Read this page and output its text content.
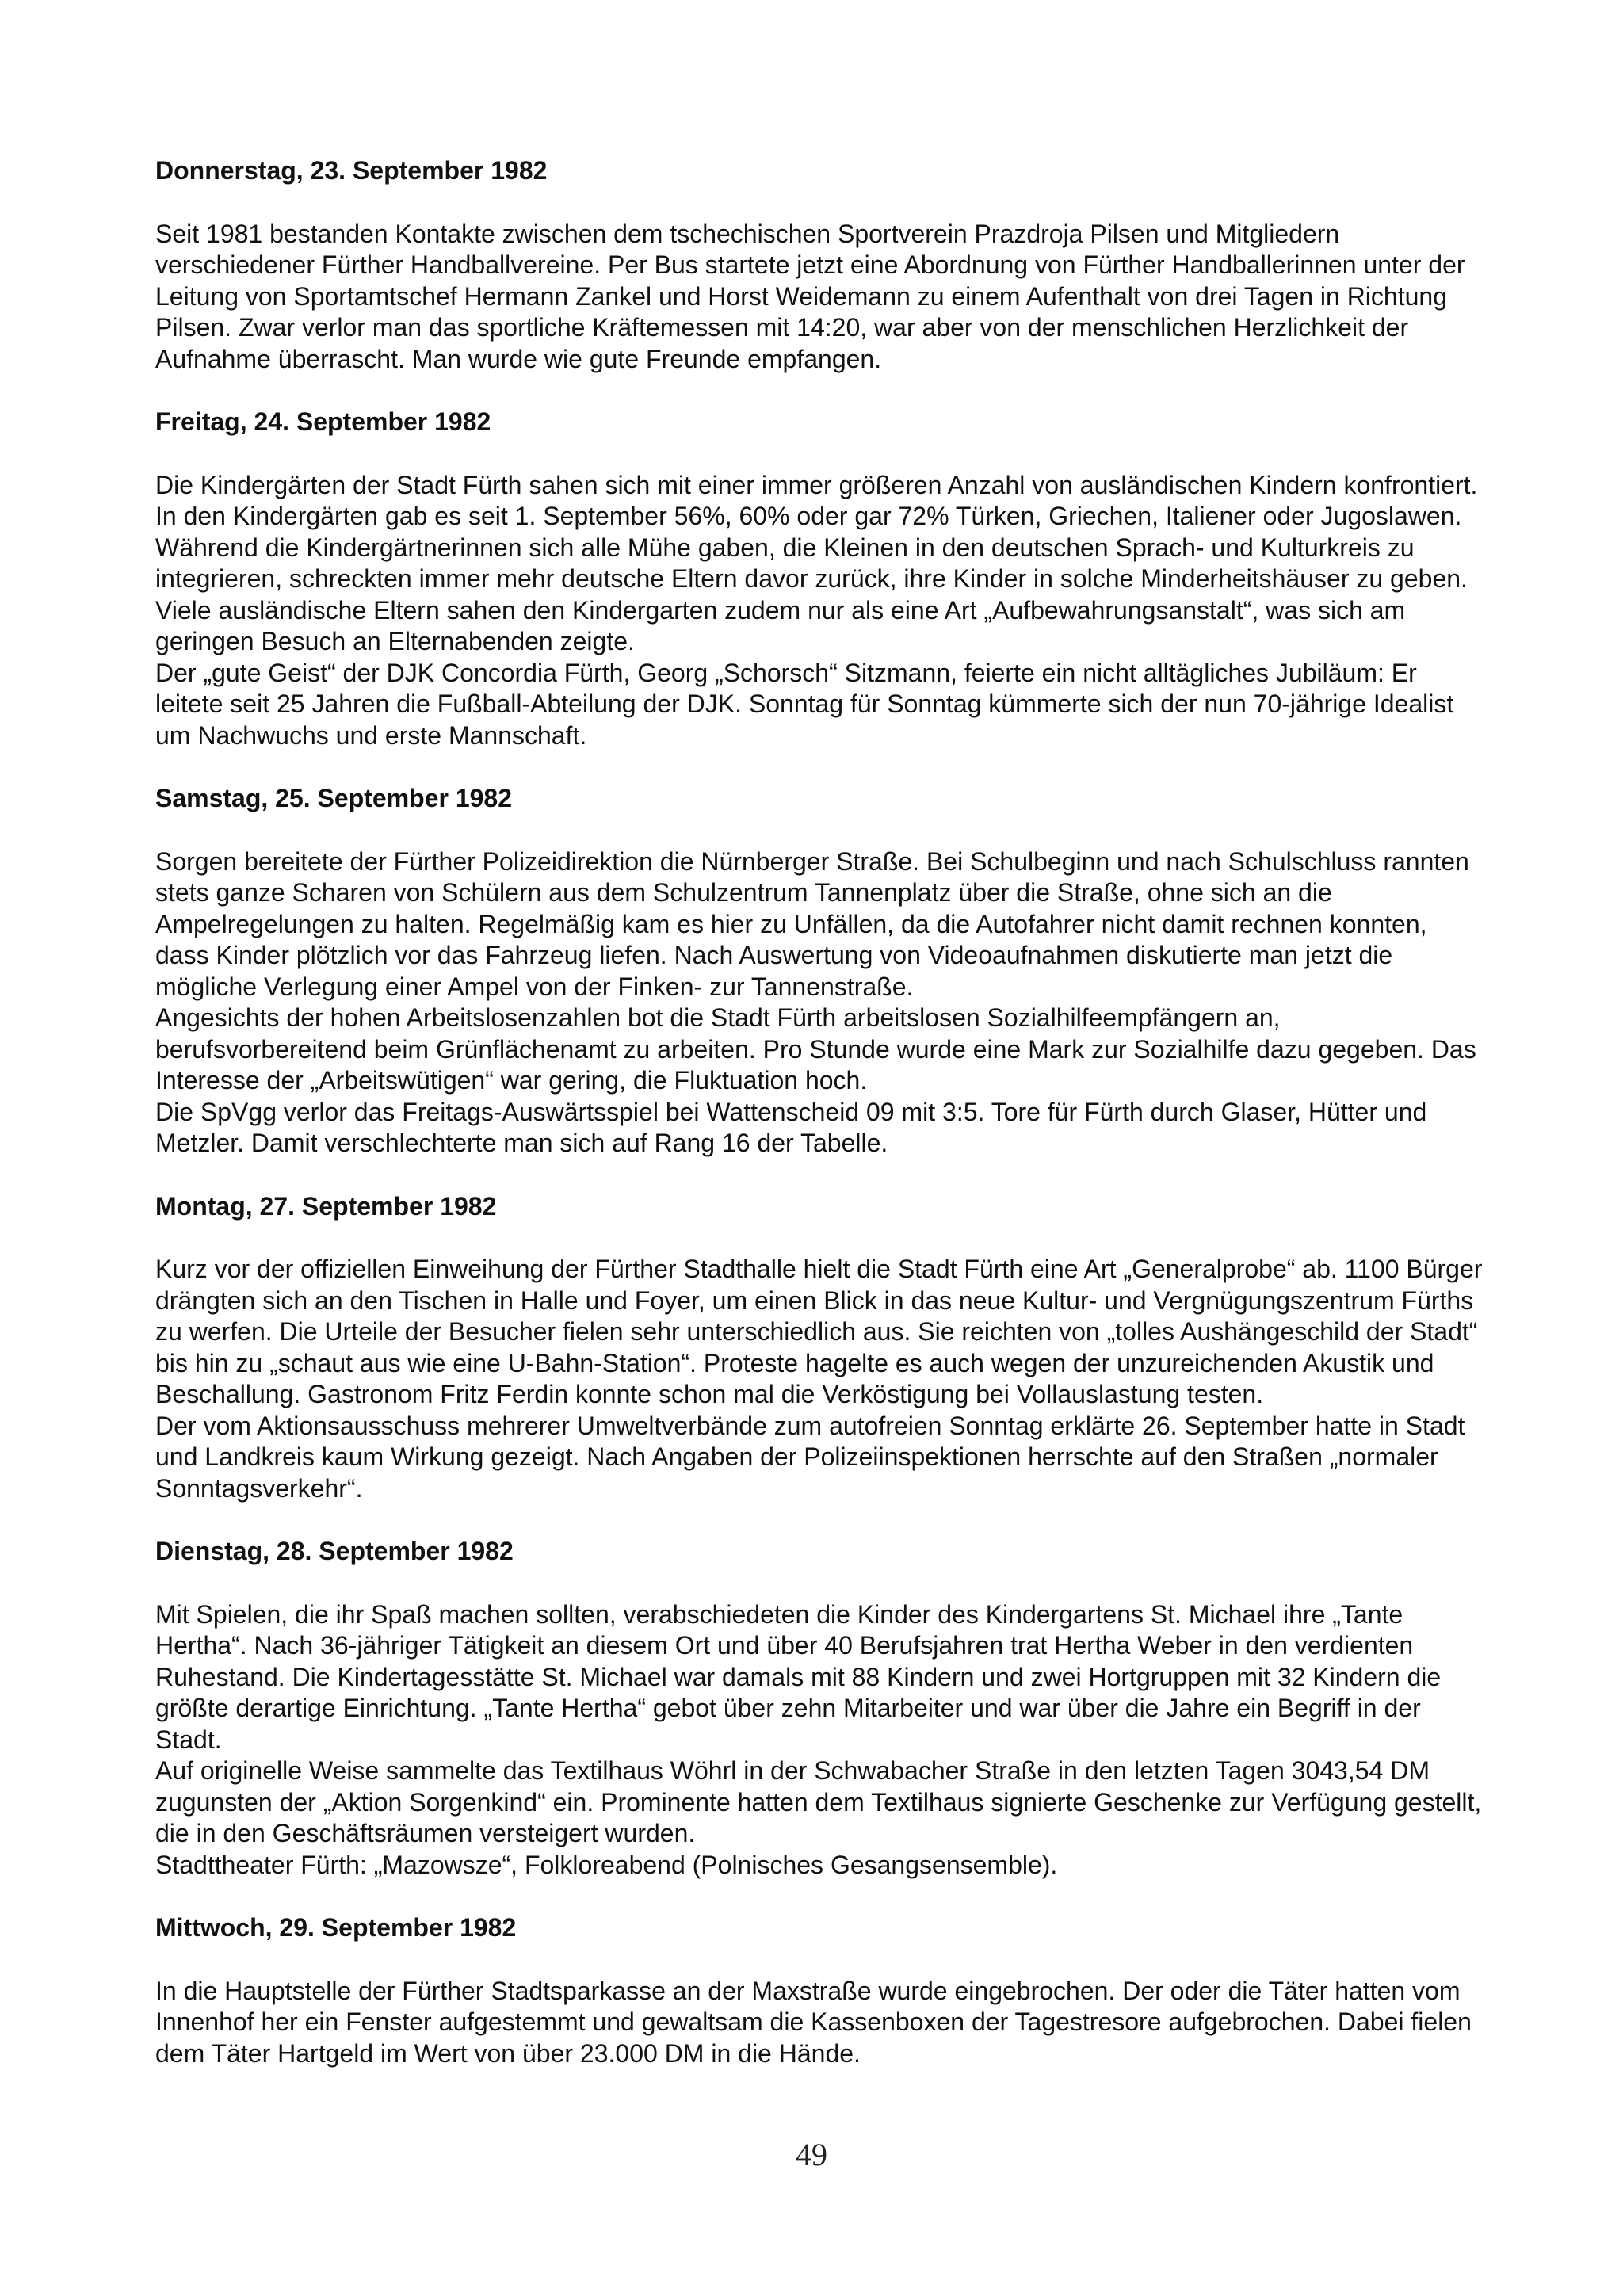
Donnerstag, 23. September 1982

Seit 1981 bestanden Kontakte zwischen dem tschechischen Sportverein Prazdroja Pilsen und Mitgliedern verschiedener Fürther Handballvereine. Per Bus startete jetzt eine Abordnung von Fürther Handballerinnen unter der Leitung von Sportamtschef Hermann Zankel und Horst Weidemann zu einem Aufenthalt von drei Tagen in Richtung Pilsen. Zwar verlor man das sportliche Kräftemessen mit 14:20, war aber von der menschlichen Herzlichkeit der Aufnahme überrascht. Man wurde wie gute Freunde empfangen.

Freitag, 24. September 1982

Die Kindergärten der Stadt Fürth sahen sich mit einer immer größeren Anzahl von ausländischen Kindern konfrontiert. In den Kindergärten gab es seit 1. September 56%, 60% oder gar 72% Türken, Griechen, Italiener oder Jugoslawen. Während die Kindergärtnerinnen sich alle Mühe gaben, die Kleinen in den deutschen Sprach- und Kulturkreis zu integrieren, schreckten immer mehr deutsche Eltern davor zurück, ihre Kinder in solche Minderheitshäuser zu geben. Viele ausländische Eltern sahen den Kindergarten zudem nur als eine Art „Aufbewahrungsanstalt“, was sich am geringen Besuch an Elternabenden zeigte.

Der „gute Geist“ der DJK Concordia Fürth, Georg „Schorsch“ Sitzmann, feierte ein nicht alltägliches Jubiläum: Er leitete seit 25 Jahren die Fußball-Abteilung der DJK. Sonntag für Sonntag kümmerte sich der nun 70-jährige Idealist um Nachwuchs und erste Mannschaft.

Samstag, 25. September 1982

Sorgen bereitete der Fürther Polizeidirektion die Nürnberger Straße. Bei Schulbeginn und nach Schulschluss rannten stets ganze Scharen von Schülern aus dem Schulzentrum Tannenplatz über die Straße, ohne sich an die Ampelregelungen zu halten. Regelmäßig kam es hier zu Unfällen, da die Autofahrer nicht damit rechnen konnten, dass Kinder plötzlich vor das Fahrzeug liefen. Nach Auswertung von Videoaufnahmen diskutierte man jetzt die mögliche Verlegung einer Ampel von der Finken- zur Tannenstraße.

Angesichts der hohen Arbeitslosenzahlen bot die Stadt Fürth arbeitslosen Sozialhilfeempfängern an, berufsvorbereitend beim Grünflächenamt zu arbeiten. Pro Stunde wurde eine Mark zur Sozialhilfe dazu gegeben. Das Interesse der „Arbeitswütigen“ war gering, die Fluktuation hoch.

Die SpVgg verlor das Freitags-Auswärtsspiel bei Wattenscheid 09 mit 3:5. Tore für Fürth durch Glaser, Hütter und Metzler. Damit verschlechterte man sich auf Rang 16 der Tabelle.

Montag, 27. September 1982

Kurz vor der offiziellen Einweihung der Fürther Stadthalle hielt die Stadt Fürth eine Art „Generalprobe“ ab. 1100 Bürger drängten sich an den Tischen in Halle und Foyer, um einen Blick in das neue Kultur- und Vergnügungszentrum Fürths zu werfen. Die Urteile der Besucher fielen sehr unterschiedlich aus. Sie reichten von „tolles Aushängeschild der Stadt“ bis hin zu „schaut aus wie eine U-Bahn-Station“. Proteste hagelte es auch wegen der unzureichenden Akustik und Beschallung. Gastronom Fritz Ferdin konnte schon mal die Verköstigung bei Vollauslastung testen.

Der vom Aktionsausschuss mehrerer Umweltverbände zum autofreien Sonntag erklärte 26. September hatte in Stadt und Landkreis kaum Wirkung gezeigt. Nach Angaben der Polizeiinspektionen herrschte auf den Straßen „normaler Sonntagsverkehr“.

Dienstag, 28. September 1982

Mit Spielen, die ihr Spaß machen sollten, verabschiedeten die Kinder des Kindergartens St. Michael ihre „Tante Hertha“. Nach 36-jähriger Tätigkeit an diesem Ort und über 40 Berufsjahren trat Hertha Weber in den verdienten Ruhestand. Die Kindertagesstätte St. Michael war damals mit 88 Kindern und zwei Hortgruppen mit 32 Kindern die größte derartige Einrichtung. „Tante Hertha“ gebot über zehn Mitarbeiter und war über die Jahre ein Begriff in der Stadt.

Auf originelle Weise sammelte das Textilhaus Wöhrl in der Schwabacher Straße in den letzten Tagen 3043,54 DM zugunsten der „Aktion Sorgenkind“ ein. Prominente hatten dem Textilhaus signierte Geschenke zur Verfügung gestellt, die in den Geschäftsräumen versteigert wurden.

Stadttheater Fürth: „Mazowsze“, Folkloreabend (Polnisches Gesangsensemble).

Mittwoch, 29. September 1982

In die Hauptstelle der Fürther Stadtsparkasse an der Maxstraße wurde eingebrochen. Der oder die Täter hatten vom Innenhof her ein Fenster aufgestemmt und gewaltsam die Kassenboxen der Tagestresore aufgebrochen. Dabei fielen dem Täter Hartgeld im Wert von über 23.000 DM in die Hände.

49
